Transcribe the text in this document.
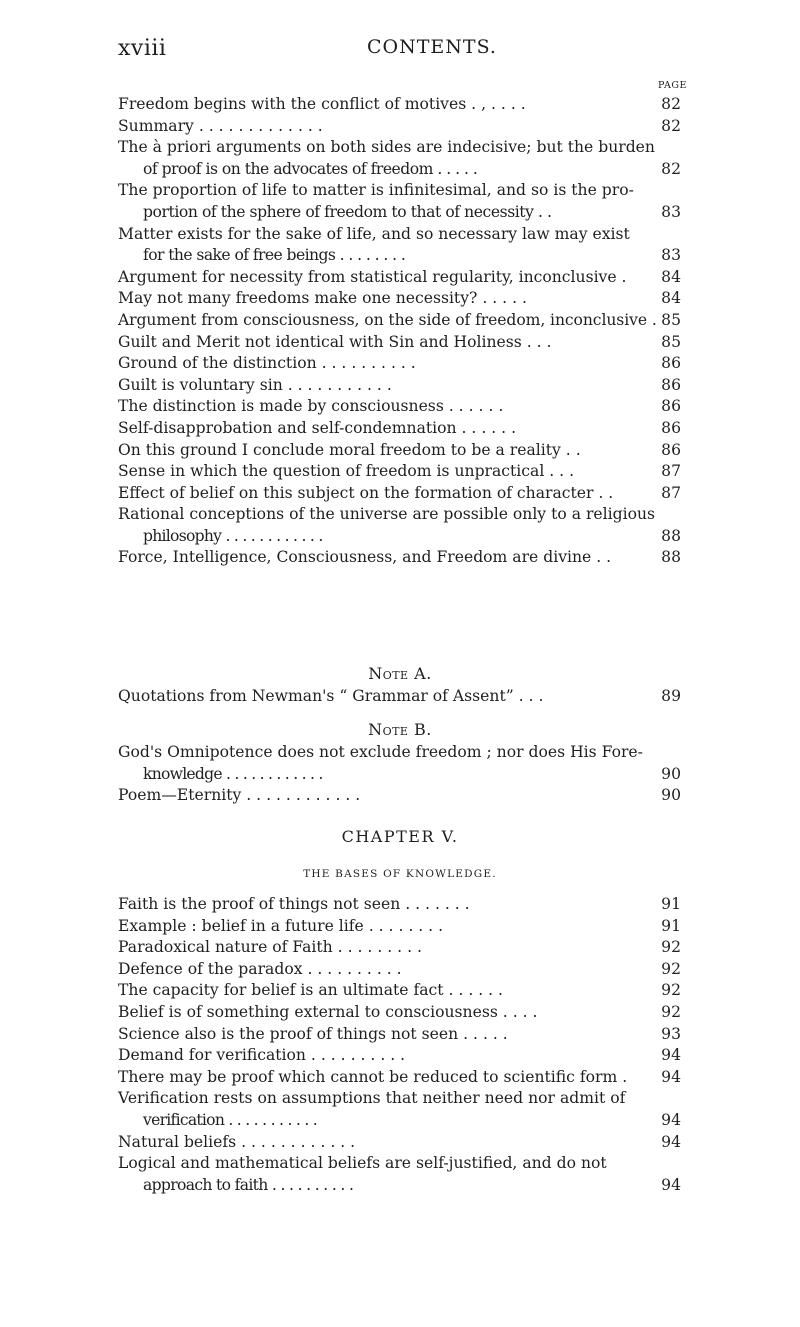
xviii	CONTENTS.
PAGE
Freedom begins with the conflict of motives . , . . . .	82
Summary . . . . . . . . . . . . .	82
The à priori arguments on both sides are indecisive; but the burden
of proof is on the advocates of freedom . . . . .	82
The proportion of life to matter is infinitesimal, and so is the pro-
portion of the sphere of freedom to that of necessity . .	83
Matter exists for the sake of life, and so necessary law may exist
for the sake of free beings . . . . . . . .	83
Argument for necessity from statistical regularity, inconclusive .	84
May not many freedoms make one necessity? . . . . .	84
Argument from consciousness, on the side of freedom, inconclusive . 85
Guilt and Merit not identical with Sin and Holiness . . .	85
Ground of the distinction . . . . . . . . . .	86
Guilt is voluntary sin . . . . . . . . . . .	86
The distinction is made by consciousness . . . . . .	86
Self-disapprobation and self-condemnation . . . . . .	86
On this ground I conclude moral freedom to be a reality . .	86
Sense in which the question of freedom is unpractical . . .	87
Effect of belief on this subject on the formation of character . .	87
Rational conceptions of the universe are possible only to a religious
philosophy . . . . . . . . . . . .	88
Force, Intelligence, Consciousness, and Freedom are divine . .	88
Note A.
Quotations from Newman's “ Grammar of Assent” . . .	89
Note B.
God's Omnipotence does not exclude freedom ; nor does His Fore-
knowledge . . . . . . . . . . . .	90
Poem—Eternity . . . . . . . . . . . .	90
CHAPTER V.
THE BASES OF KNOWLEDGE.
Faith is the proof of things not seen . . . . . . .	91
Example : belief in a future life . . . . . . . .	91
Paradoxical nature of Faith . . . . . . . . .	92
Defence of the paradox . . . . . . . . . .	92
The capacity for belief is an ultimate fact . . . . . .	92
Belief is of something external to consciousness . . . .	92
Science also is the proof of things not seen . . . . .	93
Demand for verification . . . . . . . . . .	94
There may be proof which cannot be reduced to scientific form .	94
Verification rests on assumptions that neither need nor admit of
verification . . . . . . . . . . .	94
Natural beliefs . . . . . . . . . . . .	94
Logical and mathematical beliefs are self-justified, and do not
approach to faith . . . . . . . . . .	94
